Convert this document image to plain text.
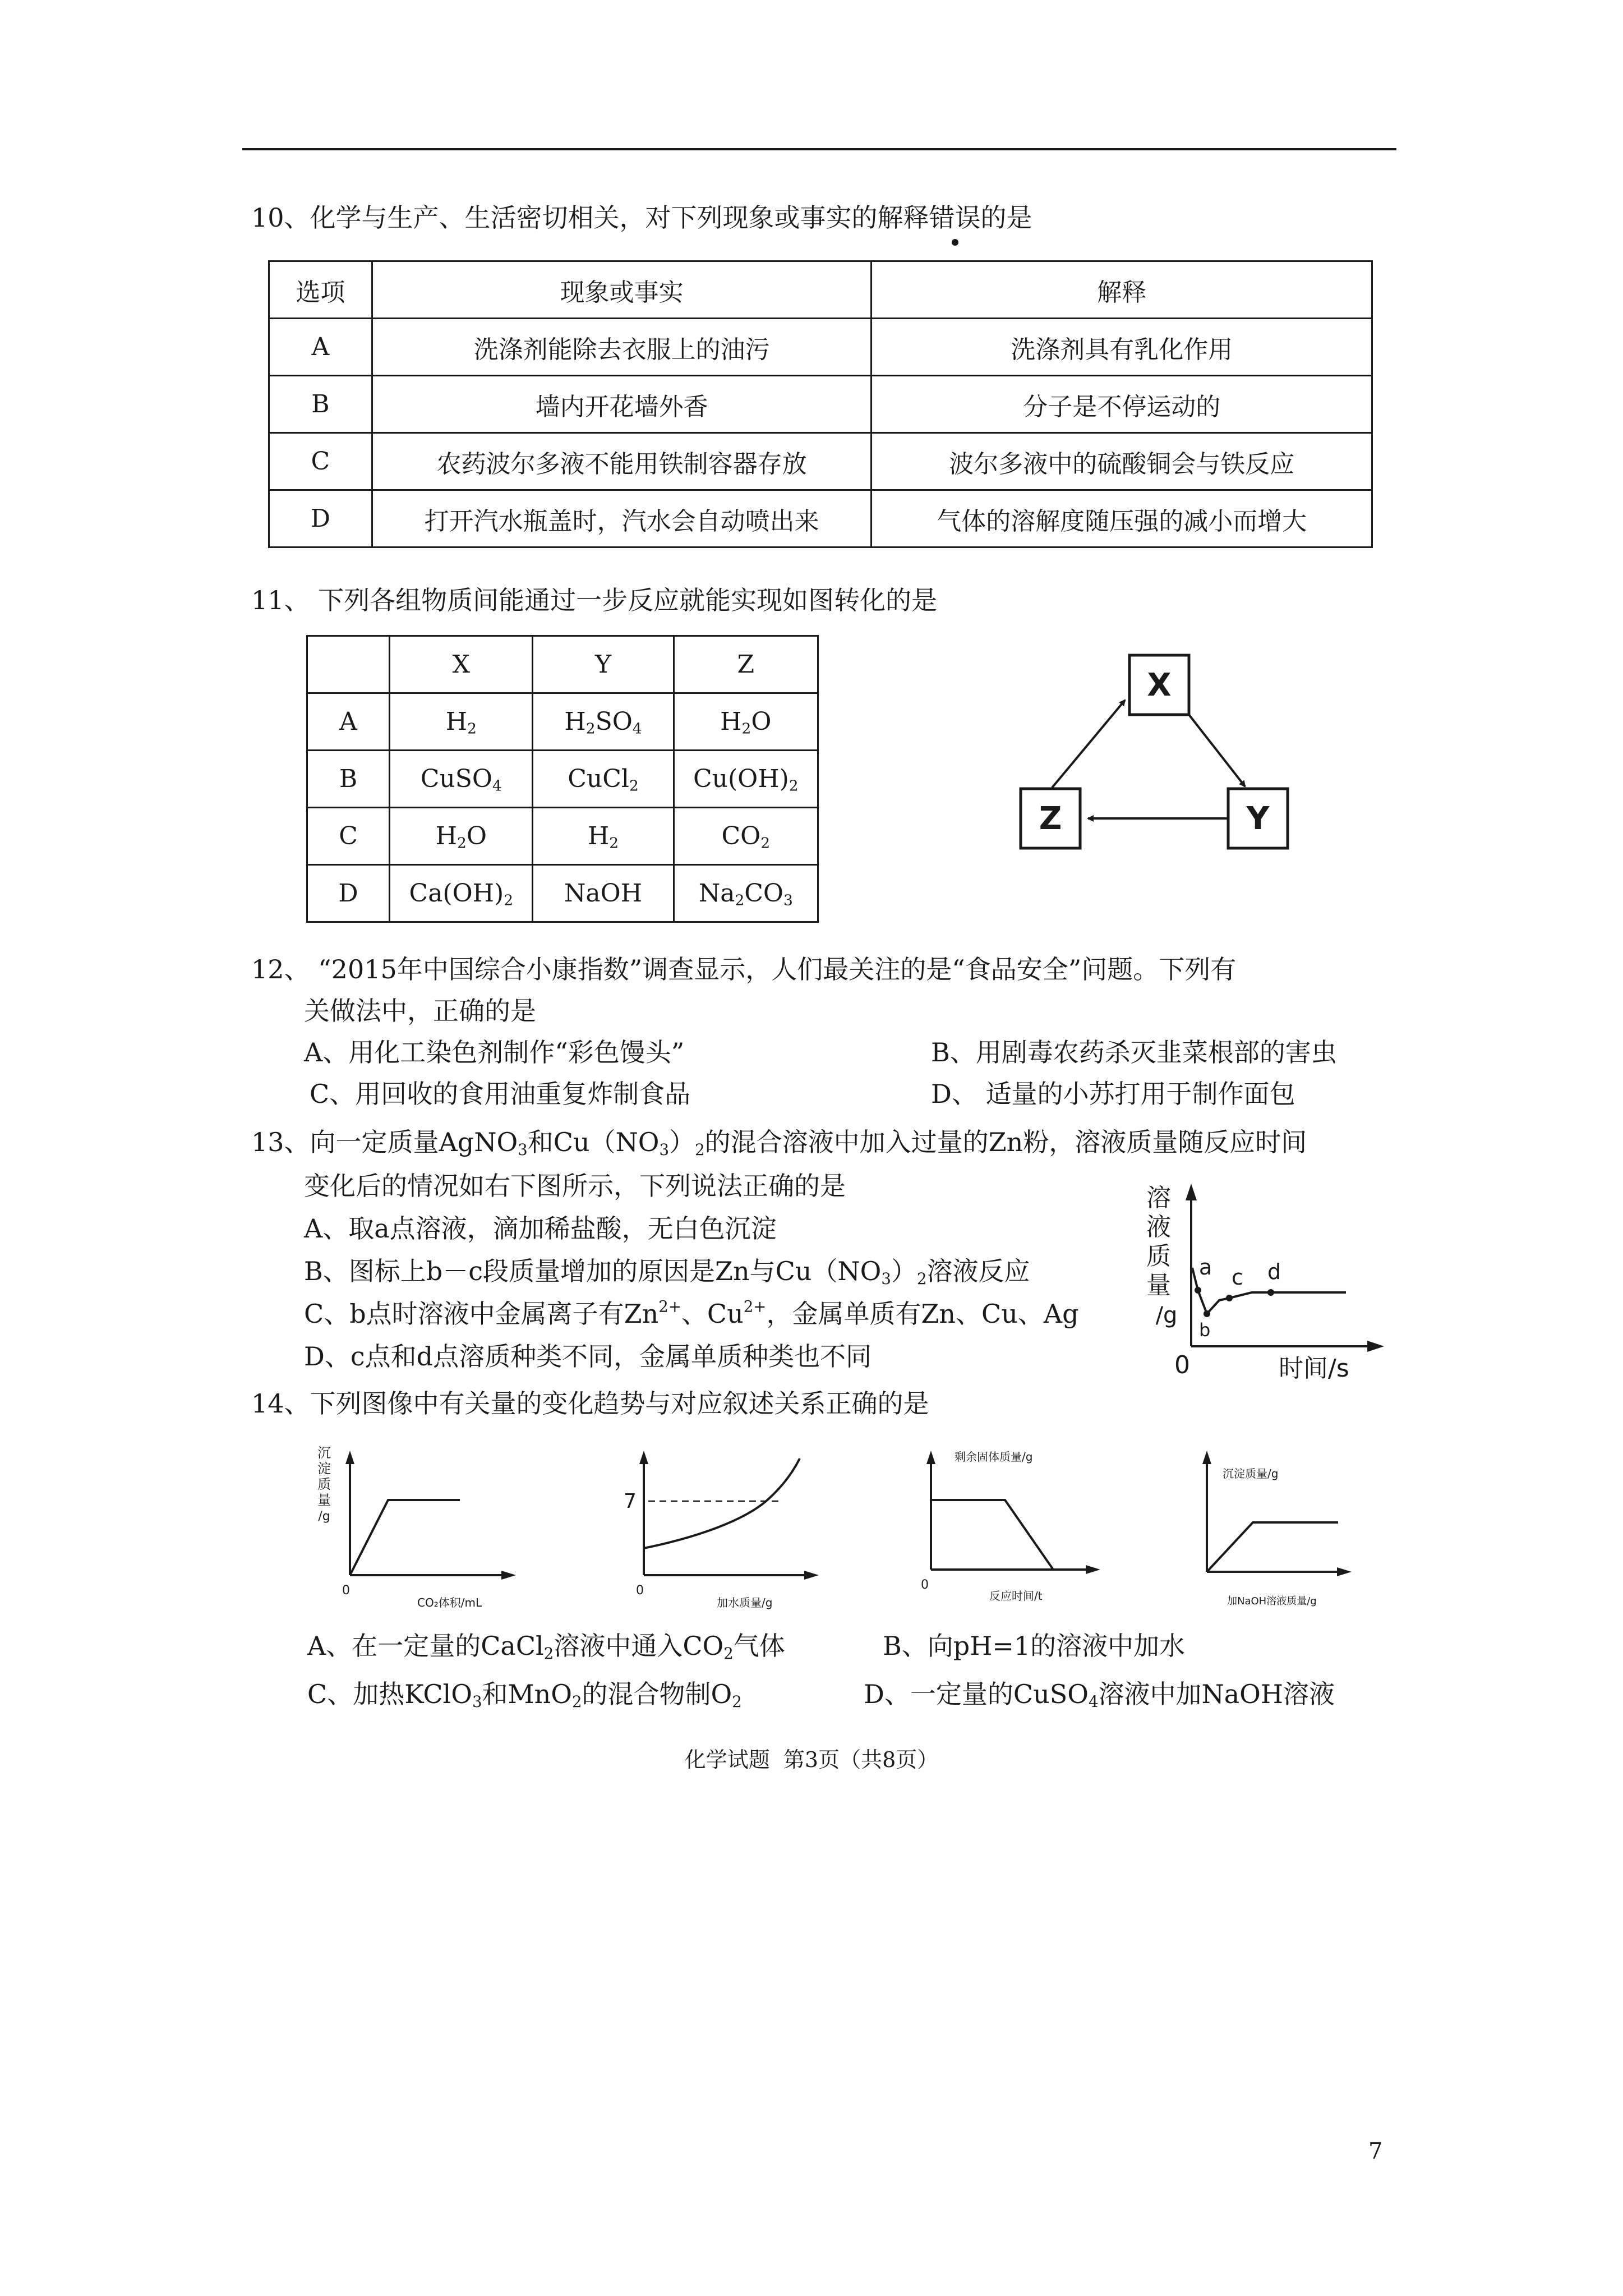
10、化学与生产、生活密切相关，对下列现象或事实的解释错误的是
选项	现象或事实	解释
A	洗涤剂能除去衣服上的油污	洗涤剂具有乳化作用
B	墙内开花墙外香	分子是不停运动的
C	农药波尔多液不能用铁制容器存放	波尔多液中的硫酸铜会与铁反应
D	打开汽水瓶盖时，汽水会自动喷出来	气体的溶解度随压强的减小而增大
11、 下列各组物质间能通过一步反应就能实现如图转化的是
	X	Y	Z
A	$H_2$	$H_2SO_4$	$H_2O$
B	CuSO$_4$	CuCl$_2$	$Cu(OH)_2$
C	$H_2O$	$H_2$	$CO_2$
D	$Ca(OH)_2$	NaOH	$Na_2CO_3$
X
Y
Z
12、 “2015年中国综合小康指数”调查显示，人们最关注的是“食品安全”问题。下列有
关做法中，正确的是
A、用化工染色剂制作“彩色馒头”	B、用剧毒农药杀灭韭菜根部的害虫
C、用回收的食用油重复炸制食品	D、 适量的小苏打用于制作面包
13、向一定质量AgNO$_3$和$Cu(NO_3)_2$的混合溶液中加入过量的Zn粉，溶液质量随反应时间
变化后的情况如右下图所示，下列说法正确的是
A、取a点溶液，滴加稀盐酸，无白色沉淀
B、图标上b－c段质量增加的原因是Zn与$Cu(NO_3)_2$溶液反应
C、b点时溶液中金属离子有$Zn^{2+}$、$Cu^{2+}$，金属单质有Zn、Cu、Ag
D、c点和d点溶质种类不同，金属单质种类也不同
溶
液
质
量
/g
0	时间/s
a
b
c d
14、下列图像中有关量的变化趋势与对应叙述关系正确的是
沉
淀
质
量
/g
0
CO₂体积/mL
7
0
加水质量/g
剩余固体质量/g
0
反应时间/t
沉淀质量/g
加NaOH溶液质量/g
A、在一定量的CaCl$_2$溶液中通入$CO_2$气体	B、向pH=1的溶液中加水
C、加热KClO$_3$和MnO$_2$的混合物制$O_2$	D、一定量的CuSO$_4$溶液中加NaOH溶液
化学试题  第3页（共8页）
7
